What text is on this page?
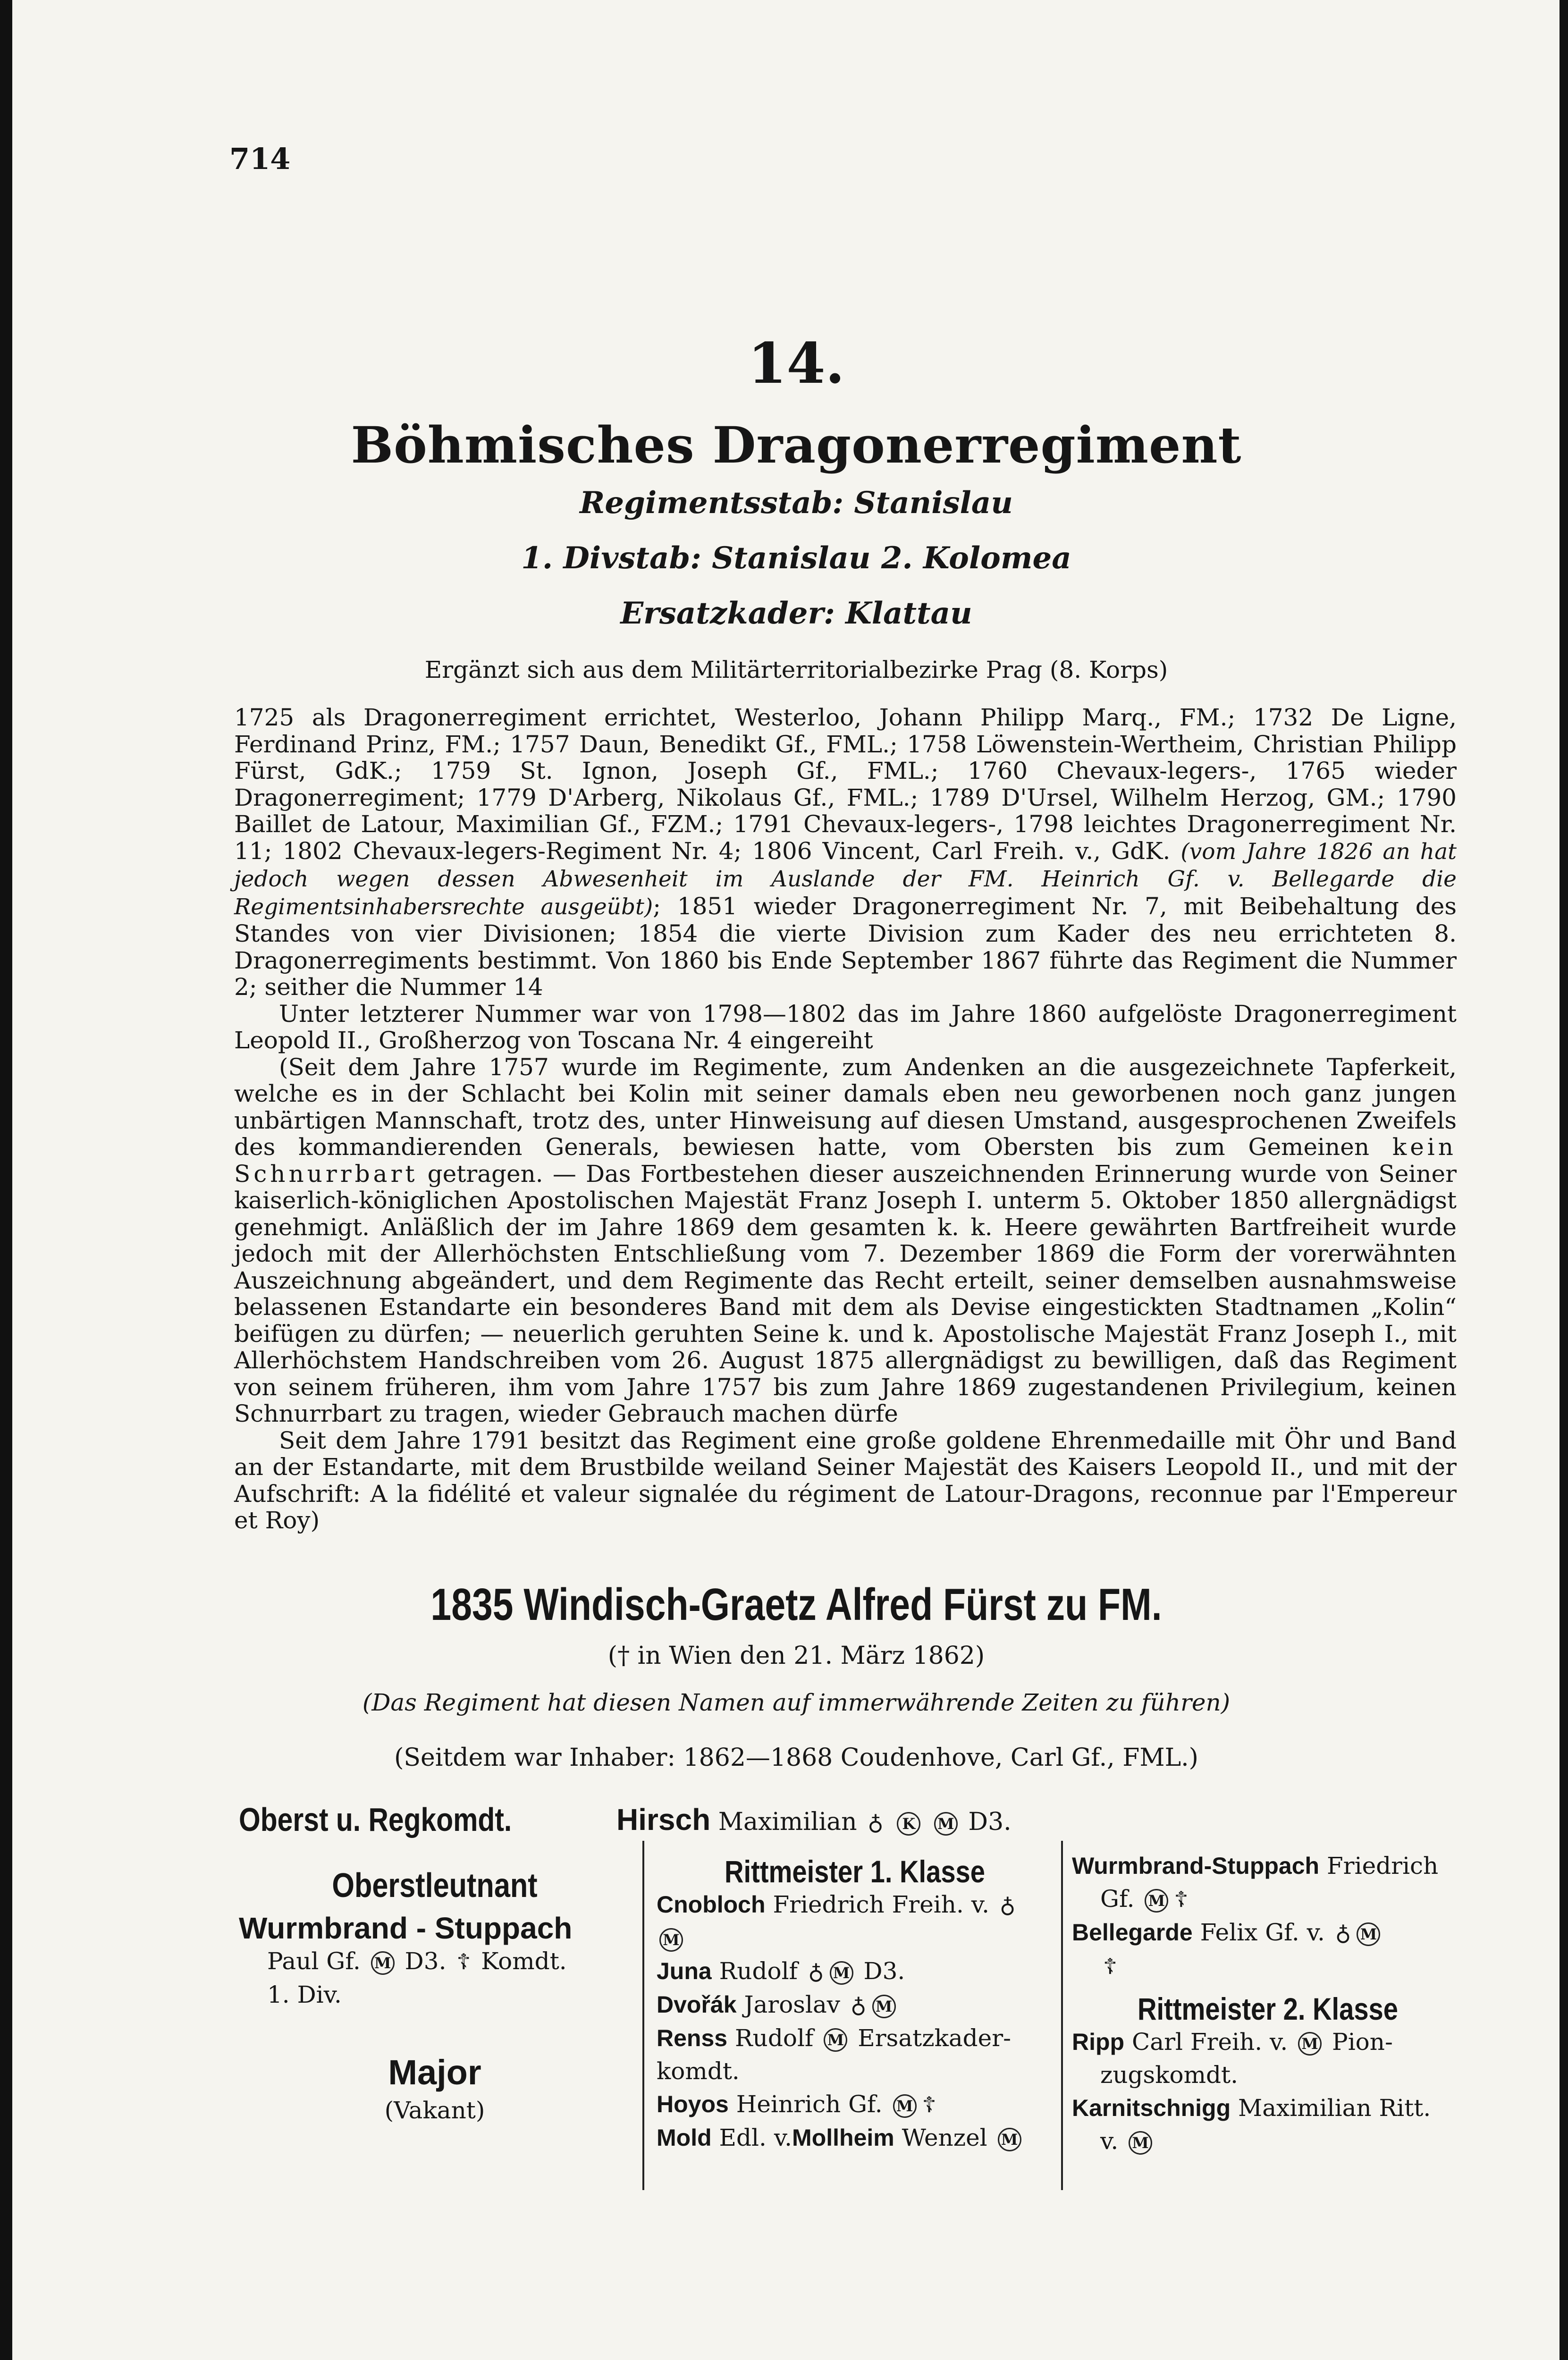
714
14.
Böhmisches Dragonerregiment
Regimentsstab: Stanislau
1. Divstab: Stanislau 2. Kolomea
Ersatzkader: Klattau
Ergänzt sich aus dem Militärterritorialbezirke Prag (8. Korps)

1725 als Dragonerregiment errichtet, Westerloo, Johann Philipp Marq., FM.; 1732 De Ligne, Ferdinand Prinz, FM.; 1757 Daun, Benedikt Gf., FML.; 1758 Löwenstein-Wertheim, Christian Philipp Fürst, GdK.; 1759 St. Ignon, Joseph Gf., FML.; 1760 Chevaux-legers-, 1765 wieder Dragonerregiment; 1779 D'Arberg, Nikolaus Gf., FML.; 1789 D'Ursel, Wilhelm Herzog, GM.; 1790 Baillet de Latour, Maximilian Gf., FZM.; 1791 Chevaux-legers-, 1798 leichtes Dragonerregiment Nr. 11; 1802 Chevaux-legers-Regiment Nr. 4; 1806 Vincent, Carl Freih. v., GdK. (vom Jahre 1826 an hat jedoch wegen dessen Abwesenheit im Auslande der FM. Heinrich Gf. v. Bellegarde die Regimentsinhabersrechte ausgeübt); 1851 wieder Dragonerregiment Nr. 7, mit Beibehaltung des Standes von vier Divisionen; 1854 die vierte Division zum Kader des neu errichteten 8. Dragonerregiments bestimmt. Von 1860 bis Ende September 1867 führte das Regiment die Nummer 2; seither die Nummer 14

Unter letzterer Nummer war von 1798—1802 das im Jahre 1860 aufgelöste Dragonerregiment Leopold II., Großherzog von Toscana Nr. 4 eingereiht

(Seit dem Jahre 1757 wurde im Regimente, zum Andenken an die ausgezeichnete Tapferkeit, welche es in der Schlacht bei Kolin mit seiner damals eben neu geworbenen noch ganz jungen unbärtigen Mannschaft, trotz des, unter Hinweisung auf diesen Umstand, ausgesprochenen Zweifels des kommandierenden Generals, bewiesen hatte, vom Obersten bis zum Gemeinen kein Schnurrbart getragen. — Das Fortbestehen dieser auszeichnenden Erinnerung wurde von Seiner kaiserlich-königlichen Apostolischen Majestät Franz Joseph I. unterm 5. Oktober 1850 allergnädigst genehmigt. Anläßlich der im Jahre 1869 dem gesamten k. k. Heere gewährten Bartfreiheit wurde jedoch mit der Allerhöchsten Entschließung vom 7. Dezember 1869 die Form der vorerwähnten Auszeichnung abgeändert, und dem Regimente das Recht erteilt, seiner demselben ausnahmsweise belassenen Estandarte ein besonderes Band mit dem als Devise eingestickten Stadtnamen „Kolin“ beifügen zu dürfen; — neuerlich geruhten Seine k. und k. Apostolische Majestät Franz Joseph I., mit Allerhöchstem Handschreiben vom 26. August 1875 allergnädigst zu bewilligen, daß das Regiment von seinem früheren, ihm vom Jahre 1757 bis zum Jahre 1869 zugestandenen Privilegium, keinen Schnurrbart zu tragen, wieder Gebrauch machen dürfe

Seit dem Jahre 1791 besitzt das Regiment eine große goldene Ehrenmedaille mit Öhr und Band an der Estandarte, mit dem Brustbilde weiland Seiner Majestät des Kaisers Leopold II., und mit der Aufschrift: A la fidélité et valeur signalée du régiment de Latour-Dragons, reconnue par l'Empereur et Roy)

1835 Windisch-Graetz Alfred Fürst zu FM.
(† in Wien den 21. März 1862)
(Das Regiment hat diesen Namen auf immerwährende Zeiten zu führen)
(Seitdem war Inhaber: 1862—1868 Coudenhove, Carl Gf., FML.)
Oberst u. Regkomdt.	Hirsch Maximilian ♁ K M D3.
Oberstleutnant
Wurmbrand - Stuppach
Paul Gf. M D3. ☦ Komdt.
1. Div.
Major
(Vakant)
Rittmeister 1. Klasse
Cnobloch Friedrich Freih. v. ♁
M
Juna Rudolf ♁ M D3.
Dvořák Jaroslav ♁ M
Renss Rudolf M Ersatzkader-
komdt.
Hoyos Heinrich Gf. M ☦
Mold Edl. v.Mollheim Wenzel M
Wurmbrand-Stuppach Friedrich
Gf. M ☦
Bellegarde Felix Gf. v. ♁ M
☦
Rittmeister 2. Klasse
Ripp Carl Freih. v. M Pion-
zugskomdt.
Karnitschnigg Maximilian Ritt.
v. M
